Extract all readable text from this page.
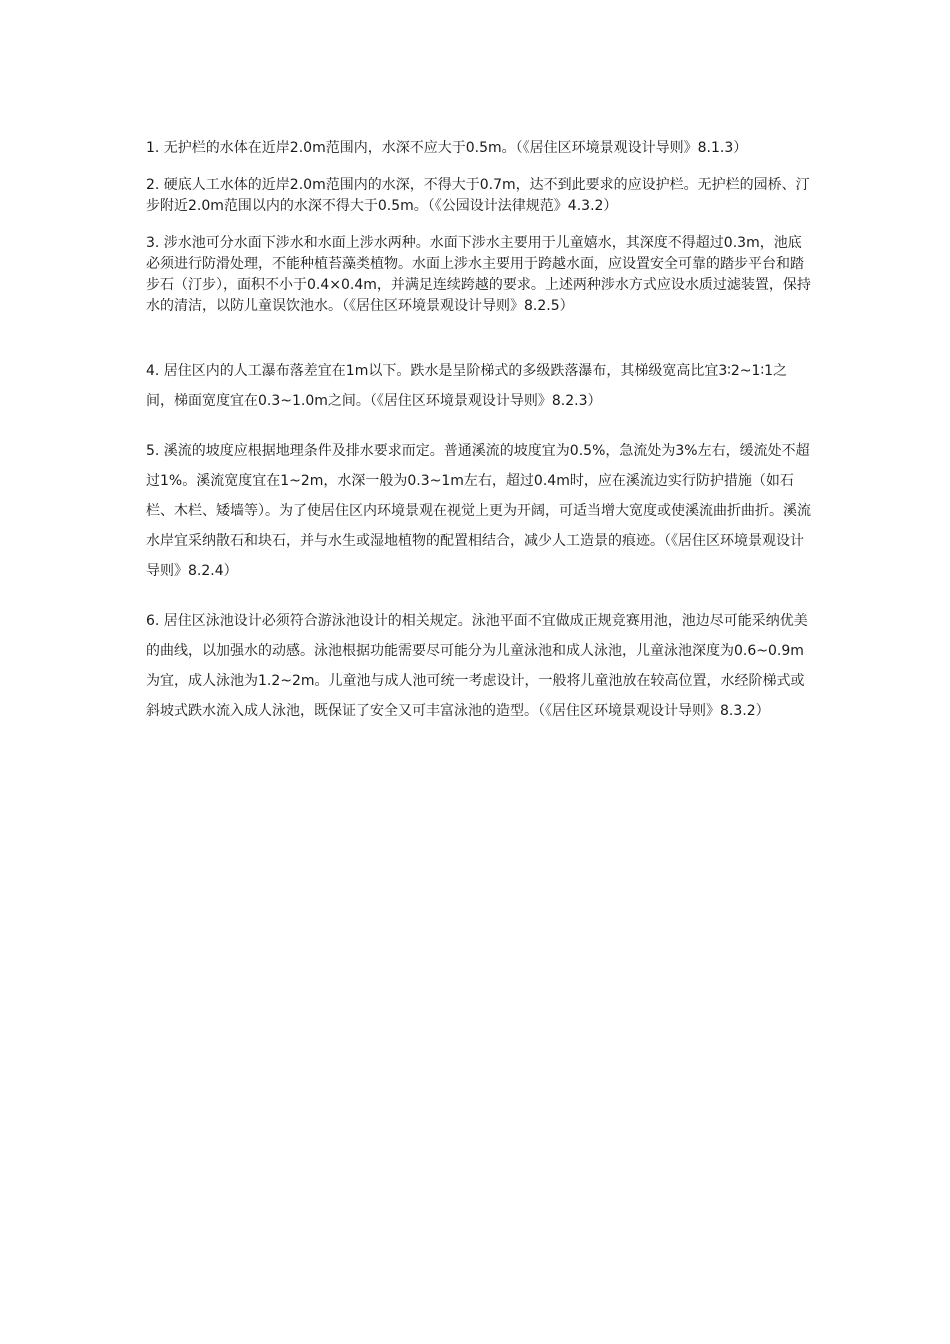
1. 无护栏的水体在近岸2.0m范围内，水深不应大于0.5m。（《居住区环境景观设计导则》8.1.3）

2. 硬底人工水体的近岸2.0m范围内的水深，不得大于0.7m，达不到此要求的应设护栏。无护栏的园桥、汀步附近2.0m范围以内的水深不得大于0.5m。（《公园设计法律规范》4.3.2）

3. 涉水池可分水面下涉水和水面上涉水两种。水面下涉水主要用于儿童嬉水，其深度不得超过0.3m，池底必须进行防滑处理，不能种植苔藻类植物。水面上涉水主要用于跨越水面，应设置安全可靠的踏步平台和踏步石（汀步），面积不小于0.4×0.4m，并满足连续跨越的要求。上述两种涉水方式应设水质过滤装置，保持水的清洁，以防儿童误饮池水。（《居住区环境景观设计导则》8.2.5）

4. 居住区内的人工瀑布落差宜在1m以下。跌水是呈阶梯式的多级跌落瀑布，其梯级宽高比宜3∶2~1∶1之间，梯面宽度宜在0.3~1.0m之间。（《居住区环境景观设计导则》8.2.3）

5. 溪流的坡度应根据地理条件及排水要求而定。普通溪流的坡度宜为0.5%，急流处为3%左右，缓流处不超过1%。溪流宽度宜在1~2m，水深一般为0.3~1m左右，超过0.4m时，应在溪流边实行防护措施（如石栏、木栏、矮墙等）。为了使居住区内环境景观在视觉上更为开阔，可适当增大宽度或使溪流曲折曲折。溪流水岸宜采纳散石和块石，并与水生或湿地植物的配置相结合，减少人工造景的痕迹。（《居住区环境景观设计导则》8.2.4）

6. 居住区泳池设计必须符合游泳池设计的相关规定。泳池平面不宜做成正规竞赛用池，池边尽可能采纳优美的曲线，以加强水的动感。泳池根据功能需要尽可能分为儿童泳池和成人泳池，儿童泳池深度为0.6~0.9m为宜，成人泳池为1.2~2m。儿童池与成人池可统一考虑设计，一般将儿童池放在较高位置，水经阶梯式或斜坡式跌水流入成人泳池，既保证了安全又可丰富泳池的造型。（《居住区环境景观设计导则》8.3.2）
